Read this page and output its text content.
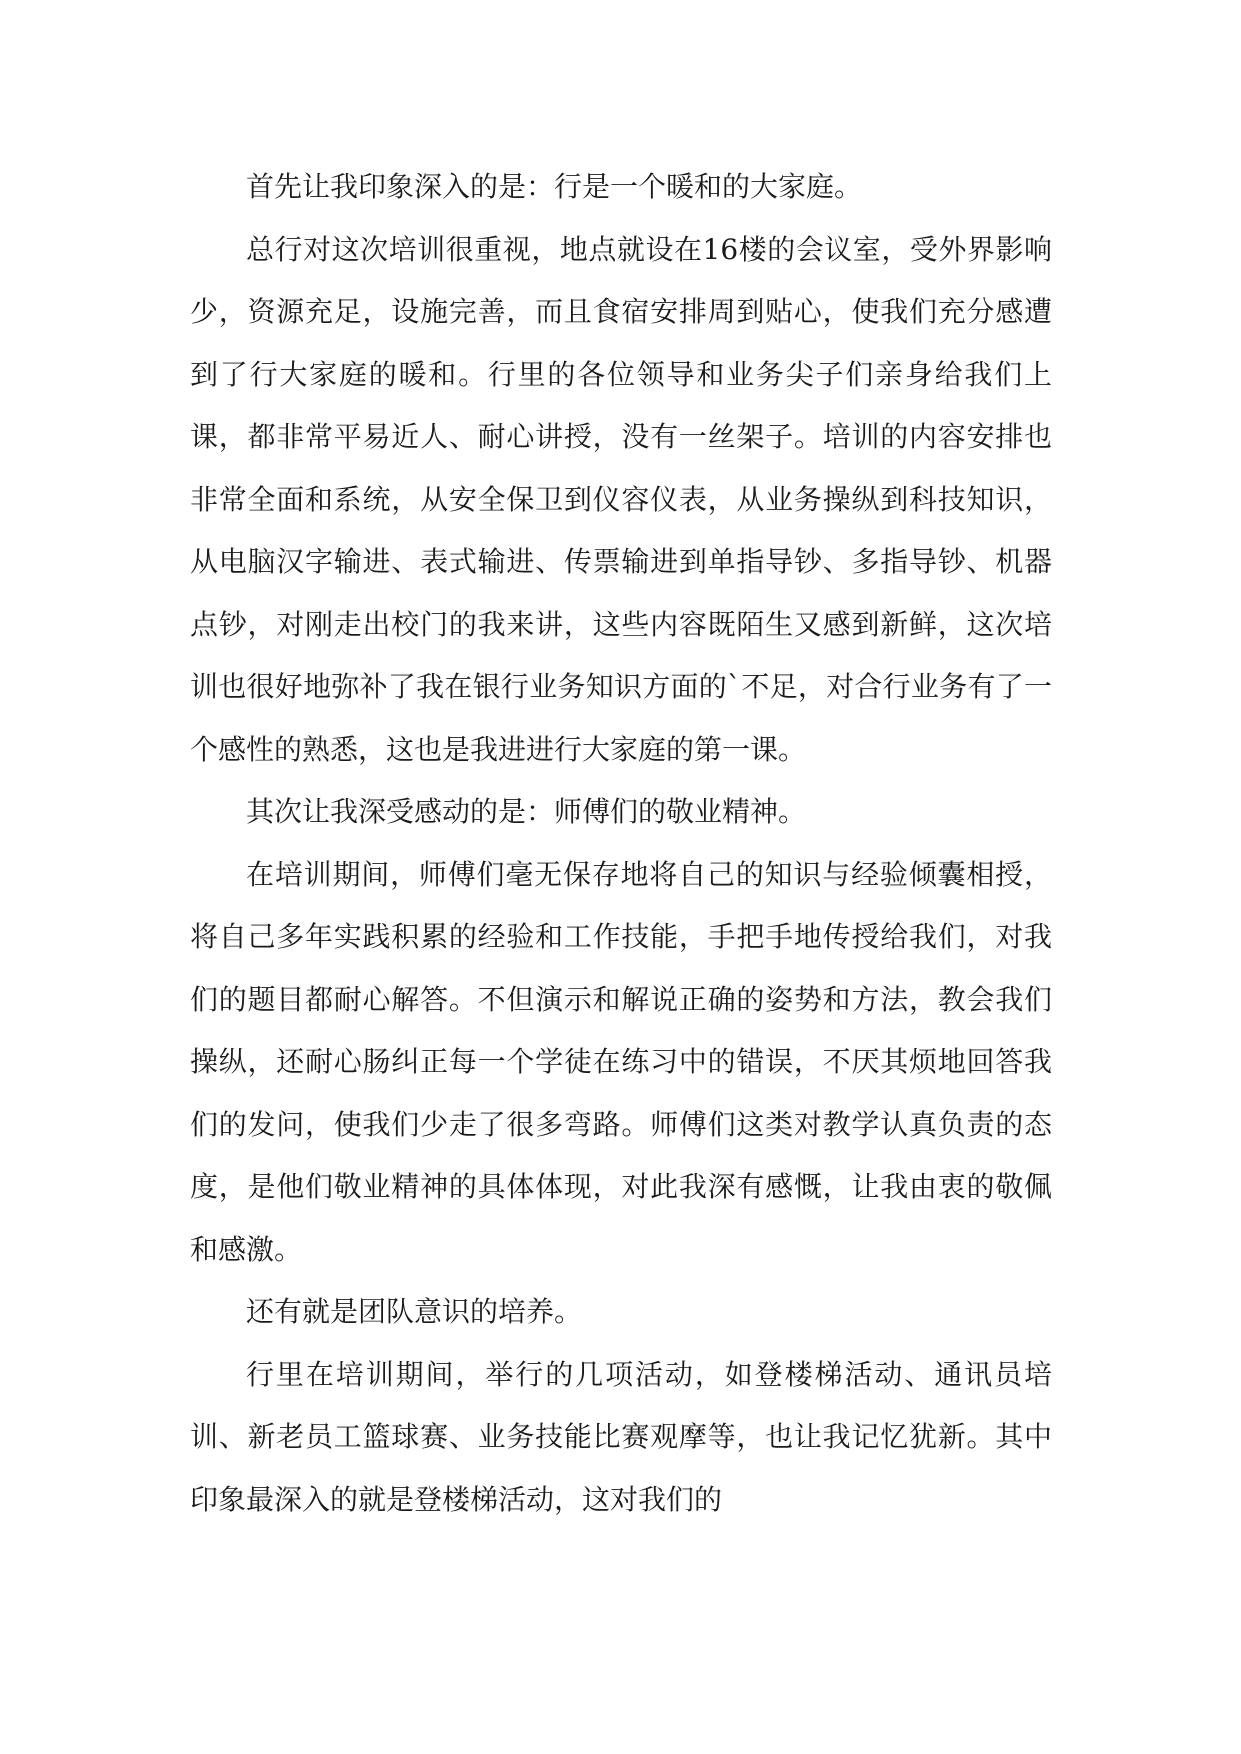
首先让我印象深入的是：行是一个暖和的大家庭。

总行对这次培训很重视，地点就设在16楼的会议室，受外界影响少，资源充足，设施完善，而且食宿安排周到贴心，使我们充分感遭到了行大家庭的暖和。行里的各位领导和业务尖子们亲身给我们上课，都非常平易近人、耐心讲授，没有一丝架子。培训的内容安排也非常全面和系统，从安全保卫到仪容仪表，从业务操纵到科技知识，从电脑汉字输进、表式输进、传票输进到单指导钞、多指导钞、机器点钞，对刚走出校门的我来讲，这些内容既陌生又感到新鲜，这次培训也很好地弥补了我在银行业务知识方面的`不足，对合行业务有了一个感性的熟悉，这也是我进进行大家庭的第一课。

其次让我深受感动的是：师傅们的敬业精神。

在培训期间，师傅们毫无保存地将自己的知识与经验倾囊相授，将自己多年实践积累的经验和工作技能，手把手地传授给我们，对我们的题目都耐心解答。不但演示和解说正确的姿势和方法，教会我们操纵，还耐心肠纠正每一个学徒在练习中的错误，不厌其烦地回答我们的发问，使我们少走了很多弯路。师傅们这类对教学认真负责的态度，是他们敬业精神的具体体现，对此我深有感慨，让我由衷的敬佩和感激。

还有就是团队意识的培养。

行里在培训期间，举行的几项活动，如登楼梯活动、通讯员培训、新老员工篮球赛、业务技能比赛观摩等，也让我记忆犹新。其中印象最深入的就是登楼梯活动，这对我们的
